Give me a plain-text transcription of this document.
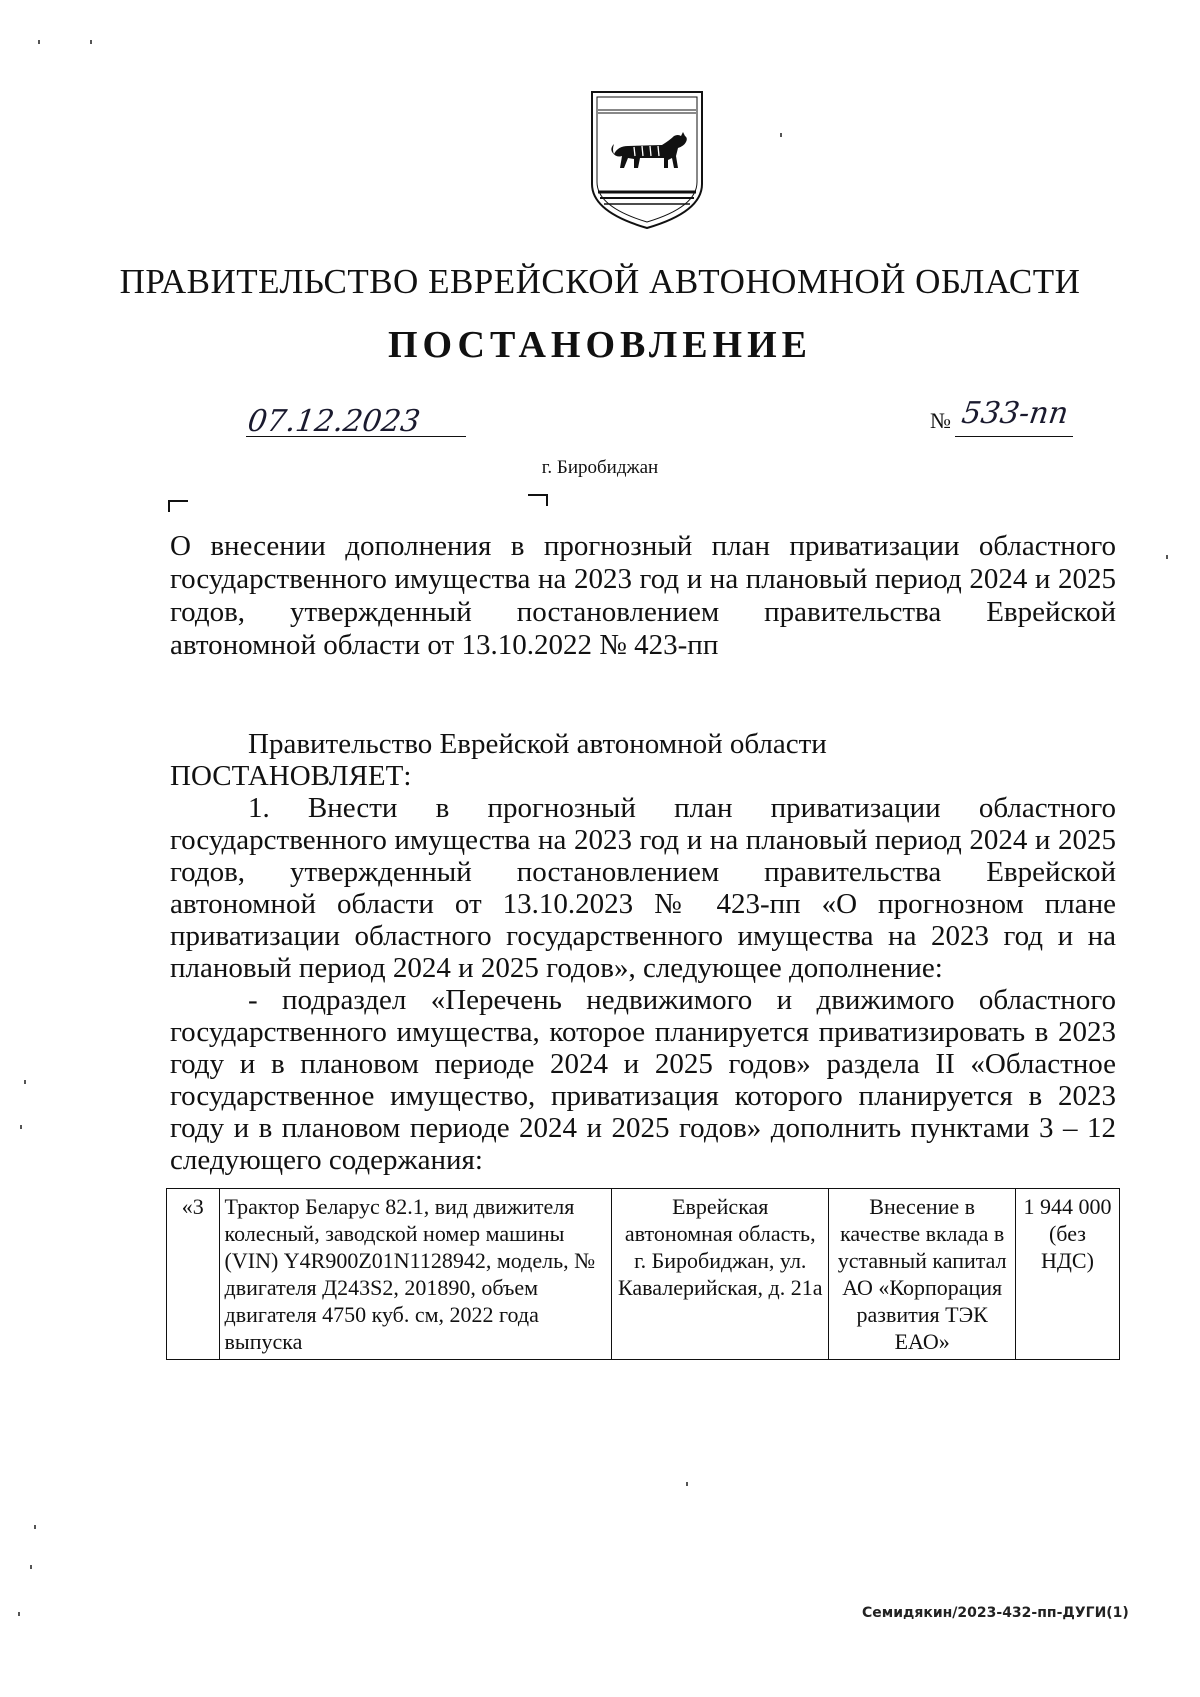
ПРАВИТЕЛЬСТВО ЕВРЕЙСКОЙ АВТОНОМНОЙ ОБЛАСТИ
ПОСТАНОВЛЕНИЕ
07.12.2023	№ 533-пп
г. Биробиджан
О внесении дополнения в прогнозный план приватизации областного государственного имущества на 2023 год и на плановый период 2024 и 2025 годов, утвержденный постановлением правительства Еврейской автономной области от 13.10.2022 № 423-пп

Правительство Еврейской автономной области

ПОСТАНОВЛЯЕТ:

1. Внести в прогнозный план приватизации областного государственного имущества на 2023 год и на плановый период 2024 и 2025 годов, утвержденный постановлением правительства Еврейской автономной области от 13.10.2023 № 423-пп «О прогнозном плане приватизации областного государственного имущества на 2023 год и на плановый период 2024 и 2025 годов», следующее дополнение:

- подраздел «Перечень недвижимого и движимого областного государственного имущества, которое планируется приватизировать в 2023 году и в плановом периоде 2024 и 2025 годов» раздела II «Областное государственное имущество, приватизация которого планируется в 2023 году и в плановом периоде 2024 и 2025 годов» дополнить пунктами 3 – 12 следующего содержания:

«3	Трактор Беларус 82.1, вид движителя колесный, заводской номер машины (VIN) Y4R900Z01N1128942, модель, № двигателя Д243S2, 201890, объем двигателя 4750 куб. см, 2022 года выпуска	Еврейская автономная область, г. Биробиджан, ул. Кавалерийская, д. 21а	Внесение в качестве вклада в уставный капитал АО «Корпорация развития ТЭК ЕАО»	1 944 000 (без НДС)
Семидякин/2023-432-пп-ДУГИ(1)
